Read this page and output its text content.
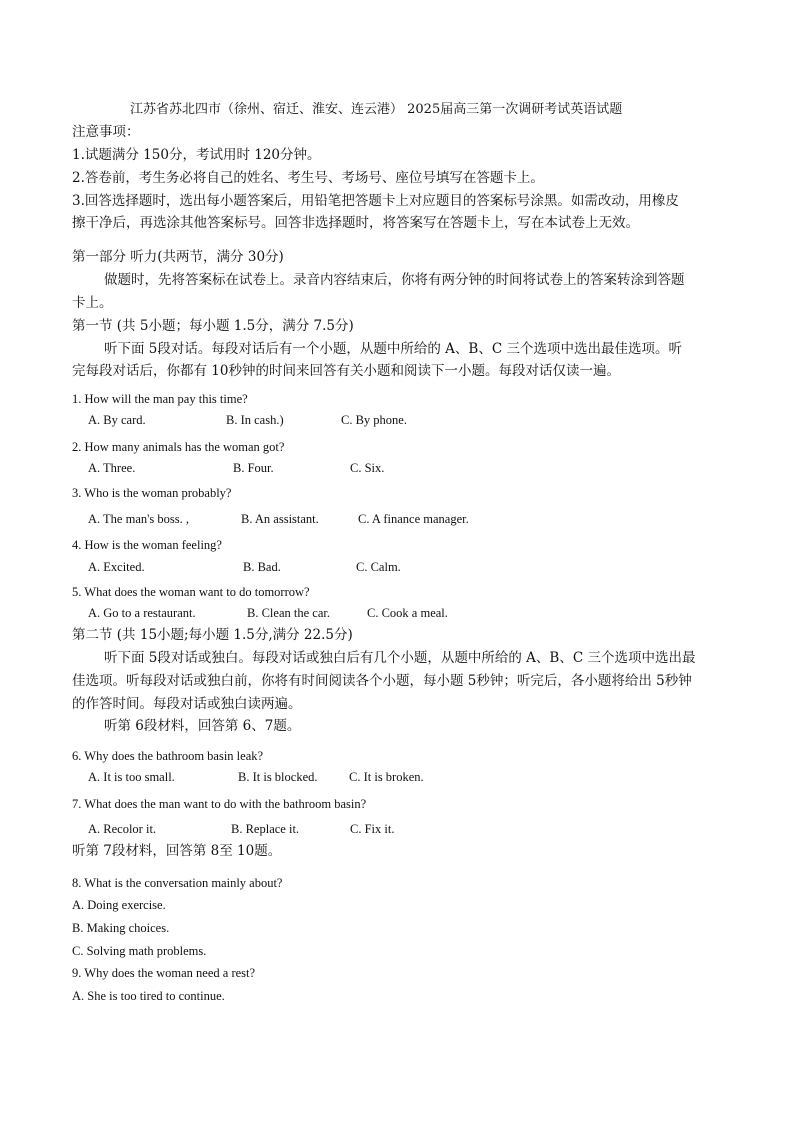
江苏省苏北四市（徐州、宿迁、淮安、连云港） 2025届高三第一次调研考试英语试题
注意事项：
1.试题满分 150分，考试用时 120分钟。
2.答卷前，考生务必将自己的姓名、考生号、考场号、座位号填写在答题卡上。
3.回答选择题时，选出每小题答案后，用铅笔把答题卡上对应题目的答案标号涂黑。如需改动，用橡皮
擦干净后，再选涂其他答案标号。回答非选择题时，将答案写在答题卡上，写在本试卷上无效。
第一部分 听力(共两节，满分 30分)
做题时，先将答案标在试卷上。录音内容结束后，你将有两分钟的时间将试卷上的答案转涂到答题
卡上。
第一节 (共 5小题；每小题 1.5分，满分 7.5分)
听下面 5段对话。每段对话后有一个小题，从题中所给的 A、B、C 三个选项中选出最佳选项。听
完每段对话后，你都有 10秒钟的时间来回答有关小题和阅读下一小题。每段对话仅读一遍。
1. How will the man pay this time?
A. By card.	B. In cash.)	C. By phone.
2. How many animals has the woman got?
A. Three.	B. Four.	C. Six.
3. Who is the woman probably?
A. The man's boss. ,	B. An assistant.	C. A finance manager.
4. How is the woman feeling?
A. Excited.	B. Bad.	C. Calm.
5. What does the woman want to do tomorrow?
A. Go to a restaurant.	B. Clean the car.	C. Cook a meal.
第二节 (共 15小题;每小题 1.5分,满分 22.5分)
听下面 5段对话或独白。每段对话或独白后有几个小题，从题中所给的 A、B、C 三个选项中选出最
佳选项。听每段对话或独白前，你将有时间阅读各个小题，每小题 5秒钟；听完后，各小题将给出 5秒钟
的作答时间。每段对话或独白读两遍。
听第 6段材料，回答第 6、7题。
6. Why does the bathroom basin leak?
A. It is too small.	B. It is blocked.	C. It is broken.
7. What does the man want to do with the bathroom basin?
A. Recolor it.	B. Replace it.	C. Fix it.
听第 7段材料，回答第 8至 10题。
8. What is the conversation mainly about?
A. Doing exercise.
B. Making choices.
C. Solving math problems.
9. Why does the woman need a rest?
A. She is too tired to continue.
